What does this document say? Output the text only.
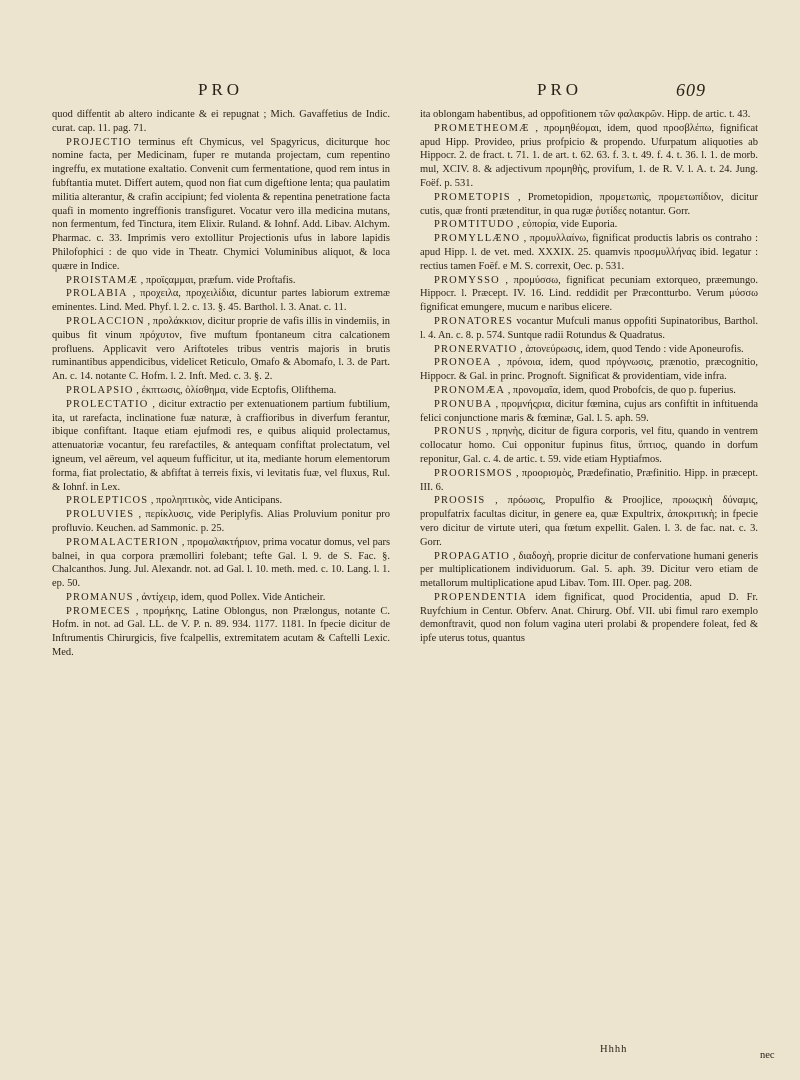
PRO	PRO	609

quod diffentit ab altero indicante & ei repugnat ; Mich. Gavaffetius de Indic. curat. cap. 11. pag. 71.

PROJECTIO terminus eft Chymicus, vel Spagyricus, diciturque hoc nomine facta, per Medicinam, fuper re mutanda projectam, cum repentino ingreffu, ex mutatione exaltatio. Convenit cum fermentatione, quod rem intus in fubftantia mutet. Differt autem, quod non fiat cum digeftione lenta; qua paulatim militia alterantur, & crafin accipiunt; fed violenta & repentina penetratione facta quafi in momento ingreffionis transfiguret. Vocatur vero illa medicina mutans, non fermentum, fed Tinctura, item Elixir. Ruland. & Iohnf. Add. Libav. Alchym. Pharmac. c. 33. Imprimis vero extollitur Projectionis ufus in labore lapidis Philofophici : de quo vide in Theatr. Chymici Voluminibus aliquot, & loca quære in Indice.

PROISTAMÆ , προϊςαμμαι, præfum. vide Proftafis.

PROLABIA , προχειλα, προχειλίδια, dicuntur partes labiorum extremæ eminentes. Lind. Med. Phyf. l. 2. c. 13. §. 45. Barthol. l. 3. Anat. c. 11.

PROLACCION , προλάκκιον, dicitur proprie de vafis illis in vindemiis, in quibus fit vinum πρόχυτον, five muftum fpontaneum citra calcationem profluens. Applicavit vero Ariftoteles tribus ventris majoris in brutis ruminantibus appendicibus, videlicet Reticulo, Omafo & Abomafo, l. 3. de Part. An. c. 14. notante C. Hofm. l. 2. Inft. Med. c. 3. §. 2.

PROLAPSIO , ἐκπτωσις, ὀλίσθημα, vide Ecptofis, Olifthema.

PROLECTATIO , dicitur extractio per extenuationem partium fubtilium, ita, ut rarefacta, inclinatione fuæ naturæ, à craffioribus in diverfum ferantur, ibique confiftant. Itaque etiam ejufmodi res, e quibus aliquid prolectamus, attenuatoriæ vocantur, feu rarefactiles, & antequam confiftat prolectatum, vel igneum, vel aëreum, vel aqueum fufficitur, ut ita, mediante horum elementorum forma, fiat prolectatio, & abfiftat à terreis fixis, vi levitatis fuæ, vel fluxus, Rul. & Iohnf. in Lex.

PROLEPTICOS , προληπτικὸς, vide Anticipans.

PROLUVIES , περίκλυσις, vide Periplyfis. Alias Proluvium ponitur pro profluvio. Keuchen. ad Sammonic. p. 25.

PROMALACTERION , προμαλακτήριον, prima vocatur domus, vel pars balnei, in qua corpora præmolliri folebant; tefte Gal. l. 9. de S. Fac. §. Chalcanthos. Jung. Jul. Alexandr. not. ad Gal. l. 10. meth. med. c. 10. Lang. l. 1. ep. 50.

PROMANUS , ἀντίχειρ, idem, quod Pollex. Vide Anticheir.

PROMECES , προμήκης, Latine Oblongus, non Prælongus, notante C. Hofm. in not. ad Gal. LL. de V. P. n. 89. 934. 1177. 1181. In fpecie dicitur de Inftrumentis Chirurgicis, five fcalpellis, extremitatem acutam & Caftelli Lexic. Med.

ita oblongam habentibus, ad oppofitionem τῶν φαλακρῶν. Hipp. de artic. t. 43.

PROMETHEOMÆ , προμηθέομαι, idem, quod προσβλέπω, fignificat apud Hipp. Provideo, prius profpicio & propendo. Ufurpatum aliquoties ab Hippocr. 2. de fract. t. 71. 1. de art. t. 62. 63. f. 3. t. 49. f. 4. t. 36. l. 1. de morb. mul, XCIV. 8. & adjectivum προμηθὴς, provifum, 1. de R. V. l. A. t. 24. Jung. Foëf. p. 531.

PROMETOPIS , Prometopidion, προμετωπὶς, προμετωπίδιον, dicitur cutis, quæ fronti prætenditur, in qua rugæ ῥυτίδες notantur. Gorr.

PROMTITUDO , εὐπορία, vide Euporia.

PROMYLLÆNO , προμυλλαίνω, fignificat productis labris os contraho : apud Hipp. l. de vet. med. XXXIX. 25. quamvis προσμυλλήνας ibid. legatur : rectius tamen Foëf. e M. S. correxit, Oec. p. 531.

PROMYSSO , προμύσσω, fignificat pecuniam extorqueo, præemungo. Hippocr. l. Præcept. IV. 16. Lind. reddidit per Præcontturbo. Verum μύσσω fignificat emungere, mucum e naribus elicere.

PRONATORES vocantur Mufculi manus oppofiti Supinatoribus, Barthol. l. 4. An. c. 8. p. 574. Suntque radii Rotundus & Quadratus.

PRONERVATIO , ἀπονεύρωσις, idem, quod Tendo : vide Aponeurofis.

PRONOEA , πρόνοια, idem, quod πρόγνωσις, prænotio, præcognitio, Hippocr. & Gal. in princ. Prognoft. Significat & providentiam, vide infra.

PRONOMÆA , προνομαῖα, idem, quod Probofcis, de quo p. fuperius.

PRONUBA , προμνήςρια, dicitur fœmina, cujus ars confiftit in inftituenda felici conjunctione maris & fœminæ, Gal. l. 5. aph. 59.

PRONUS , πρηνὴς, dicitur de figura corporis, vel fitu, quando in ventrem collocatur homo. Cui opponitur fupinus fitus, ὕπτιος, quando in dorfum reponitur, Gal. c. 4. de artic. t. 59. vide etiam Hyptiafmos.

PROORISMOS , προορισμὸς, Prædefinatio, Præfinitio. Hipp. in præcept. III. 6.

PROOSIS , πρόωσις, Propulfio & Proojlice, προωςικὴ δύναμις, propulfatrix facultas dicitur, in genere ea, quæ Expultrix, ἀποκριτικὴ; in fpecie vero dicitur de virtute uteri, qua fœtum expellit. Galen. l. 3. de fac. nat. c. 3. Gorr.

PROPAGATIO , διαδοχὴ, proprie dicitur de confervatione humani generis per multiplicationem individuorum. Gal. 5. aph. 39. Dicitur vero etiam de metallorum multiplicatione apud Libav. Tom. III. Oper. pag. 208.

PROPENDENTIA idem fignificat, quod Procidentia, apud D. Fr. Ruyfchium in Centur. Obferv. Anat. Chirurg. Obf. VII. ubi fimul raro exemplo demonftravit, quod non folum vagina uteri prolabi & propendere foleat, fed & ipfe uterus totus, quantus

Hhhh
nec
